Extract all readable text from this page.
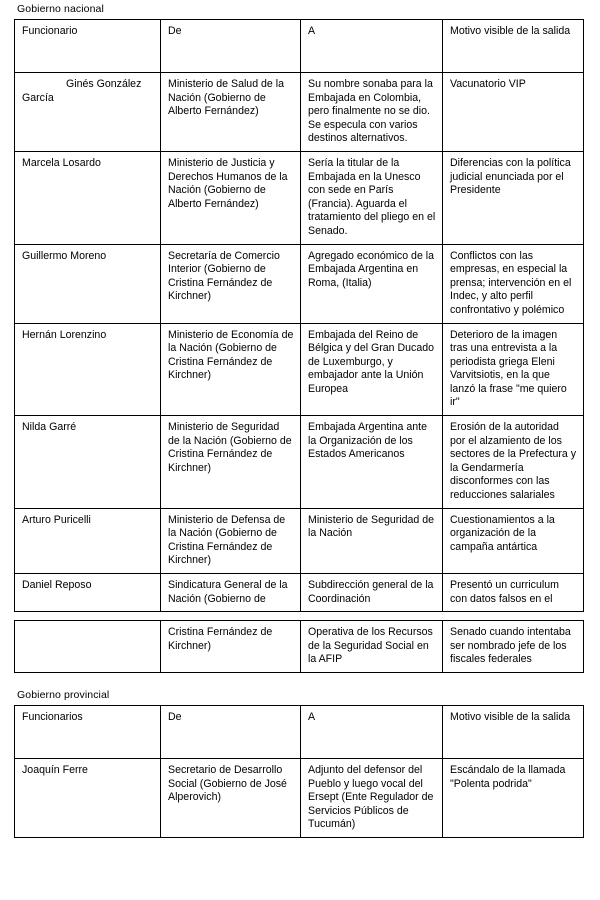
Gobierno nacional
Funcionario	De	A	Motivo visible de la salida
Ginés González García	Ministerio de Salud de la Nación (Gobierno de Alberto Fernández)	Su nombre sonaba para la Embajada en Colombia, pero finalmente no se dio. Se especula con varios destinos alternativos.	Vacunatorio VIP
Marcela Losardo	Ministerio de Justicia y Derechos Humanos de la Nación (Gobierno de Alberto Fernández)	Sería la titular de la Embajada en la Unesco con sede en París (Francia). Aguarda el tratamiento del pliego en el Senado.	Diferencias con la política judicial enunciada por el Presidente
Guillermo Moreno	Secretaría de Comercio Interior (Gobierno de Cristina Fernández de Kirchner)	Agregado económico de la Embajada Argentina en Roma, (Italia)	Conflictos con las empresas, en especial la prensa; intervención en el Indec, y alto perfil confrontativo y polémico
Hernán Lorenzino	Ministerio de Economía de la Nación (Gobierno de Cristina Fernández de Kirchner)	Embajada del Reino de Bélgica y del Gran Ducado de Luxemburgo, y embajador ante la Unión Europea	Deterioro de la imagen tras una entrevista a la periodista griega Eleni Varvitsiotis, en la que lanzó la frase "me quiero ir"
Nilda Garré	Ministerio de Seguridad de la Nación (Gobierno de Cristina Fernández de Kirchner)	Embajada Argentina ante la Organización de los Estados Americanos	Erosión de la autoridad por el alzamiento de los sectores de la Prefectura y la Gendarmería disconformes con las reducciones salariales
Arturo Puricelli	Ministerio de Defensa de la Nación (Gobierno de Cristina Fernández de Kirchner)	Ministerio de Seguridad de la Nación	Cuestionamientos a la organización de la campaña antártica
Daniel Reposo	Sindicatura General de la Nación (Gobierno de	Subdirección general de la Coordinación	Presentó un curriculum con datos falsos en el
	Cristina Fernández de Kirchner)	Operativa de los Recursos de la Seguridad Social en la AFIP	Senado cuando intentaba ser nombrado jefe de los fiscales federales
Gobierno provincial
Funcionarios	De	A	Motivo visible de la salida
Joaquín Ferre	Secretario de Desarrollo Social (Gobierno de José Alperovich)	Adjunto del defensor del Pueblo y luego vocal del Ersept (Ente Regulador de Servicios Públicos de Tucumán)	Escándalo de la llamada "Polenta podrida"
